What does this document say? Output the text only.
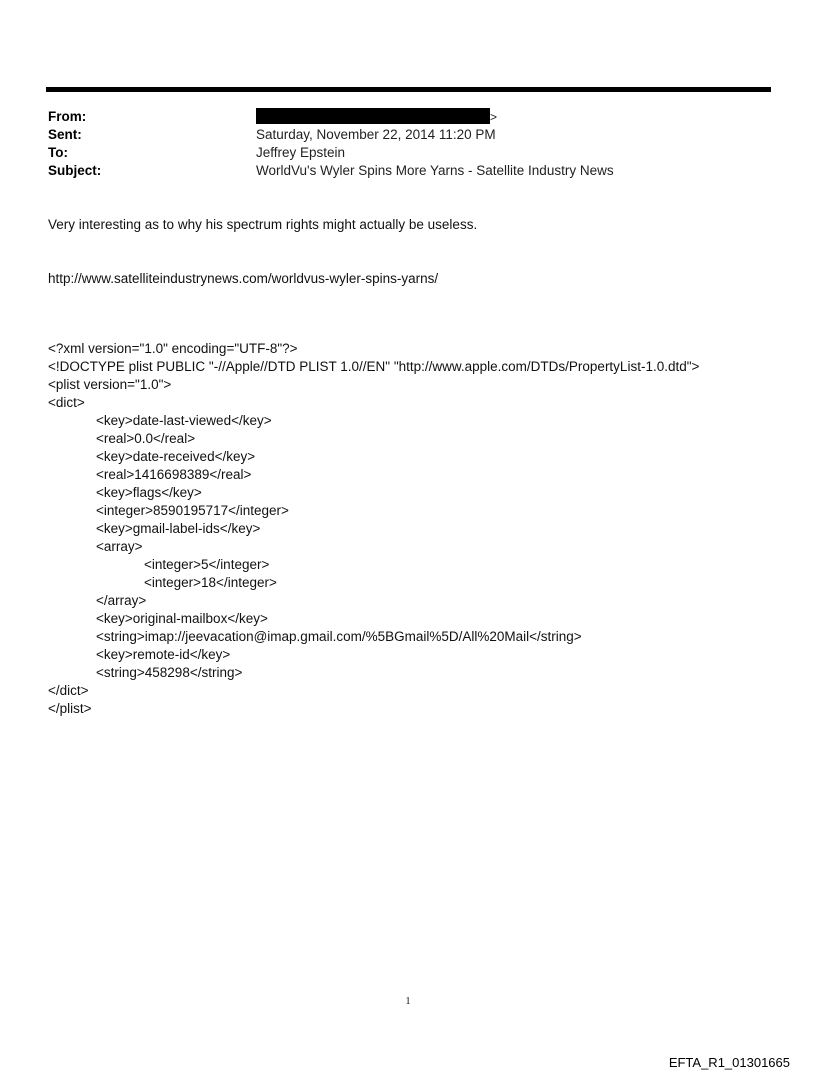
From:	>
Sent:	Saturday, November 22, 2014 11:20 PM
To:	Jeffrey Epstein
Subject:	WorldVu's Wyler Spins More Yarns - Satellite Industry News
Very interesting as to why his spectrum rights might actually be useless.
http://www.satelliteindustrynews.com/worldvus-wyler-spins-yarns/
<?xml version="1.0" encoding="UTF-8"?>
<!DOCTYPE plist PUBLIC "-//Apple//DTD PLIST 1.0//EN" "http://www.apple.com/DTDs/PropertyList-1.0.dtd">
<plist version="1.0">
<dict>
<key>date-last-viewed</key>
<real>0.0</real>
<key>date-received</key>
<real>1416698389</real>
<key>flags</key>
<integer>8590195717</integer>
<key>gmail-label-ids</key>
<array>
<integer>5</integer>
<integer>18</integer>
</array>
<key>original-mailbox</key>
<string>imap://jeevacation@imap.gmail.com/%5BGmail%5D/All%20Mail</string>
<key>remote-id</key>
<string>458298</string>
</dict>
</plist>
1
EFTA_R1_01301665
